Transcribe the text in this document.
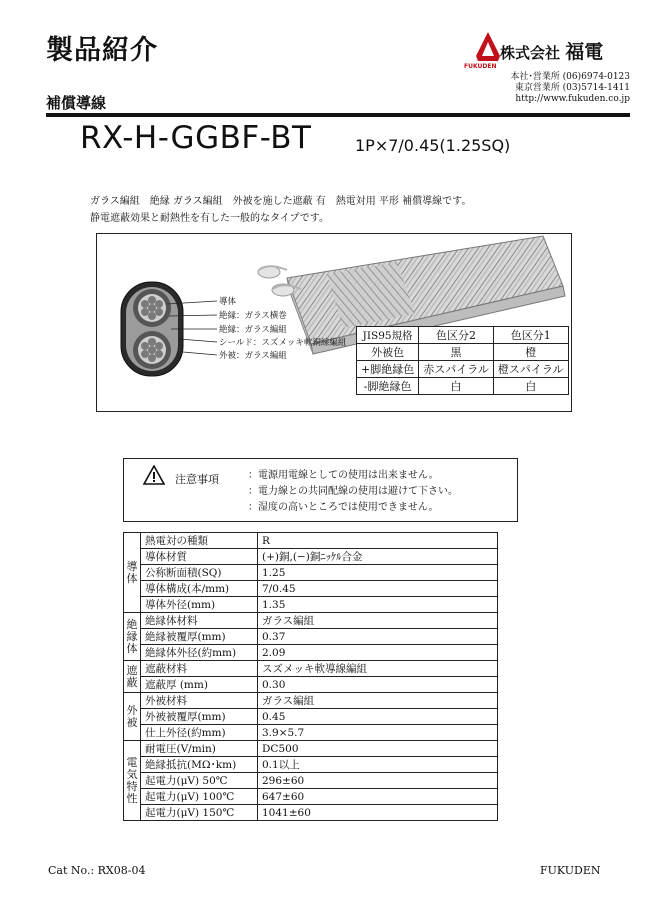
製品紹介
補償導線
株式会社 福電
FUKUDEN
本社･営業所 (06)6974-0123
東京営業所 (03)5714-1411
http://www.fukuden.co.jp
RX-H-GGBF-BT	1P×7/0.45(1.25SQ)
ガラス編組　絶縁 ガラス編組　外被を施した遮蔽 有　熱電対用 平形 補償導線です。
静電遮蔽効果と耐熱性を有した一般的なタイプです。
導体
絶縁：ガラス横巻
絶縁：ガラス編組
シールド：スズメッキ軟銅線編組
外被：ガラス編組
JIS95規格	色区分2	色区分1
外被色	黒	橙
+脚絶縁色	赤スパイラル	橙スパイラル
-脚絶縁色	白	白
注意事項	：電源用電線としての使用は出来ません。
：電力線との共同配線の使用は避けて下さい。
：湿度の高いところでは使用できません。
導体	熱電対の種類	R
	導体材質	(+)銅,(−)銅ﾆｯｹﾙ合金
	公称断面積(SQ)	1.25
	導体構成(本/mm)	7/0.45
	導体外径(mm)	1.35
絶縁体	絶縁体材料	ガラス編組
	絶縁被覆厚(mm)	0.37
	絶縁体外径(約mm)	2.09
遮蔽	遮蔽材料	スズメッキ軟導線編組
	遮蔽厚 (mm)	0.30
外被	外被材料	ガラス編組
	外被被覆厚(mm)	0.45
	仕上外径(約mm)	3.9×5.7
電気特性	耐電圧(V/min)	DC500
	絶縁抵抗(MΩ･km)	0.1以上
	起電力(μV) 50℃	296±60
	起電力(μV) 100℃	647±60
	起電力(μV) 150℃	1041±60
Cat No.: RX08-04	FUKUDEN
